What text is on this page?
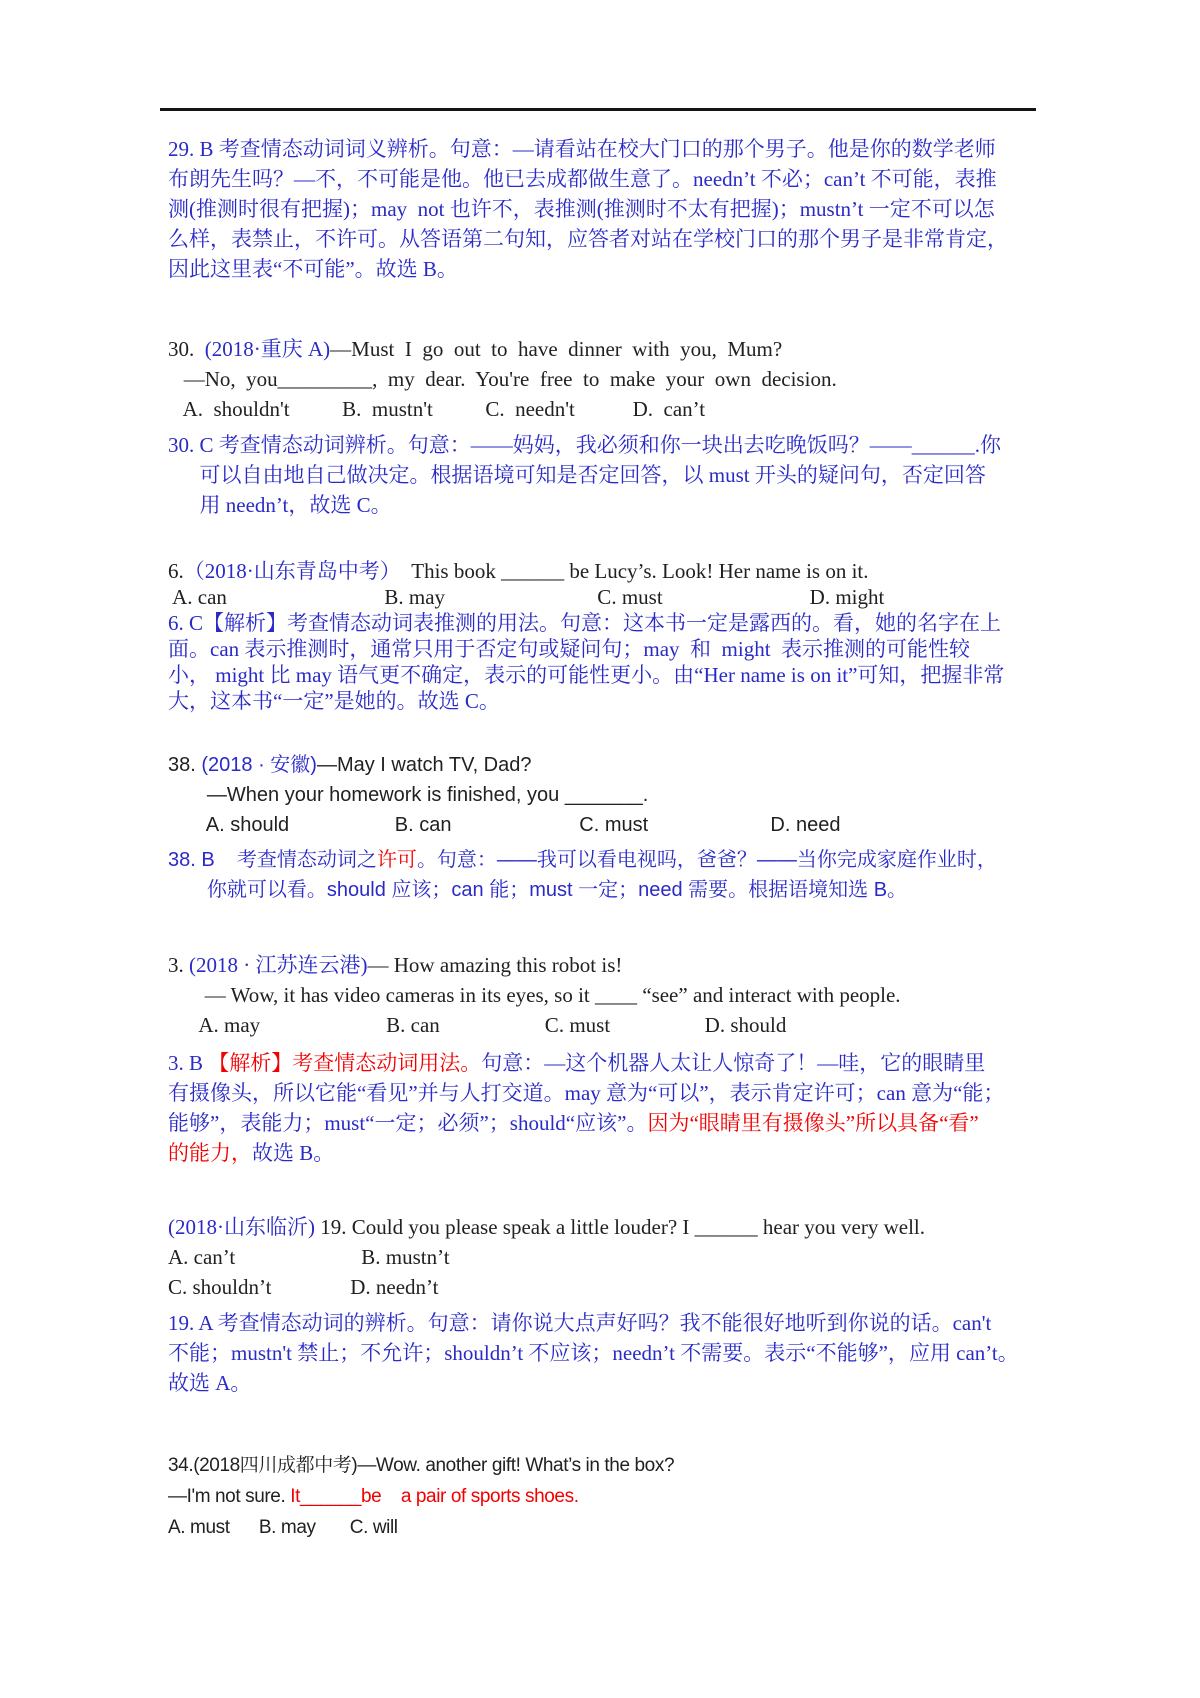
29. B 考查情态动词词义辨析。句意：—请看站在校大门口的那个男子。他是你的数学老师
布朗先生吗？—不，不可能是他。他已去成都做生意了。needn’t 不必；can’t 不可能，表推
测(推测时很有把握)；may  not 也许不，表推测(推测时不太有把握)；mustn’t 一定不可以怎
么样，表禁止，不许可。从答语第二句知，应答者对站在学校门口的那个男子是非常肯定，
因此这里表“不可能”。故选 B。
30.  (2018·重庆 A)—Must  I  go  out  to  have  dinner  with  you,  Mum?
—No,  you_________,  my  dear.  You're  free  to  make  your  own  decision.
A.  shouldn't          B.  mustn't          C.  needn't           D.  can’t
30. C 考查情态动词辨析。句意：——妈妈，我必须和你一块出去吃晚饭吗？——______.你
可以自由地自己做决定。根据语境可知是否定回答，以 must 开头的疑问句，否定回答
用 needn’t，故选 C。
6.（2018·山东青岛中考）  This book ______ be Lucy’s. Look! Her name is on it.
A. can                              B. may                             C. must                            D. might
6. C【解析】考查情态动词表推测的用法。句意：这本书一定是露西的。看，她的名字在上
面。can 表示推测时，通常只用于否定句或疑问句；may  和  might  表示推测的可能性较
小， might 比 may 语气更不确定，表示的可能性更小。由“Her name is on it”可知，把握非常
大，这本书“一定”是她的。故选 C。
38. (2018 · 安徽)—May I watch TV, Dad?
—When your homework is finished, you _______.
A. should                   B. can                       C. must                      D. need
38. B    考查情态动词之许可。句意：——我可以看电视吗，爸爸？——当你完成家庭作业时，
你就可以看。should 应该；can 能；must 一定；need 需要。根据语境知选 B。
3. (2018 · 江苏连云港)— How amazing this robot is!
— Wow, it has video cameras in its eyes, so it ____ “see” and interact with people.
A. may                        B. can                    C. must                  D. should
3. B 【解析】考查情态动词用法。句意：—这个机器人太让人惊奇了！—哇，它的眼睛里
有摄像头，所以它能“看见”并与人打交道。may 意为“可以”，表示肯定许可；can 意为“能；
能够”，表能力；must“一定；必须”；should“应该”。因为“眼睛里有摄像头”所以具备“看”
的能力，故选 B。
(2018·山东临沂) 19. Could you please speak a little louder? I ______ hear you very well.
A. can’t                        B. mustn’t
C. shouldn’t               D. needn’t
19. A 考查情态动词的辨析。句意：请你说大点声好吗？我不能很好地听到你说的话。can't
不能；mustn't 禁止；不允许；shouldn’t 不应该；needn’t 不需要。表示“不能够”，应用 can’t。
故选 A。
34.(2018四川成都中考)—Wow. another gift! What’s in the box?
—I'm not sure. It______be    a pair of sports shoes.
A. must      B. may       C. will
